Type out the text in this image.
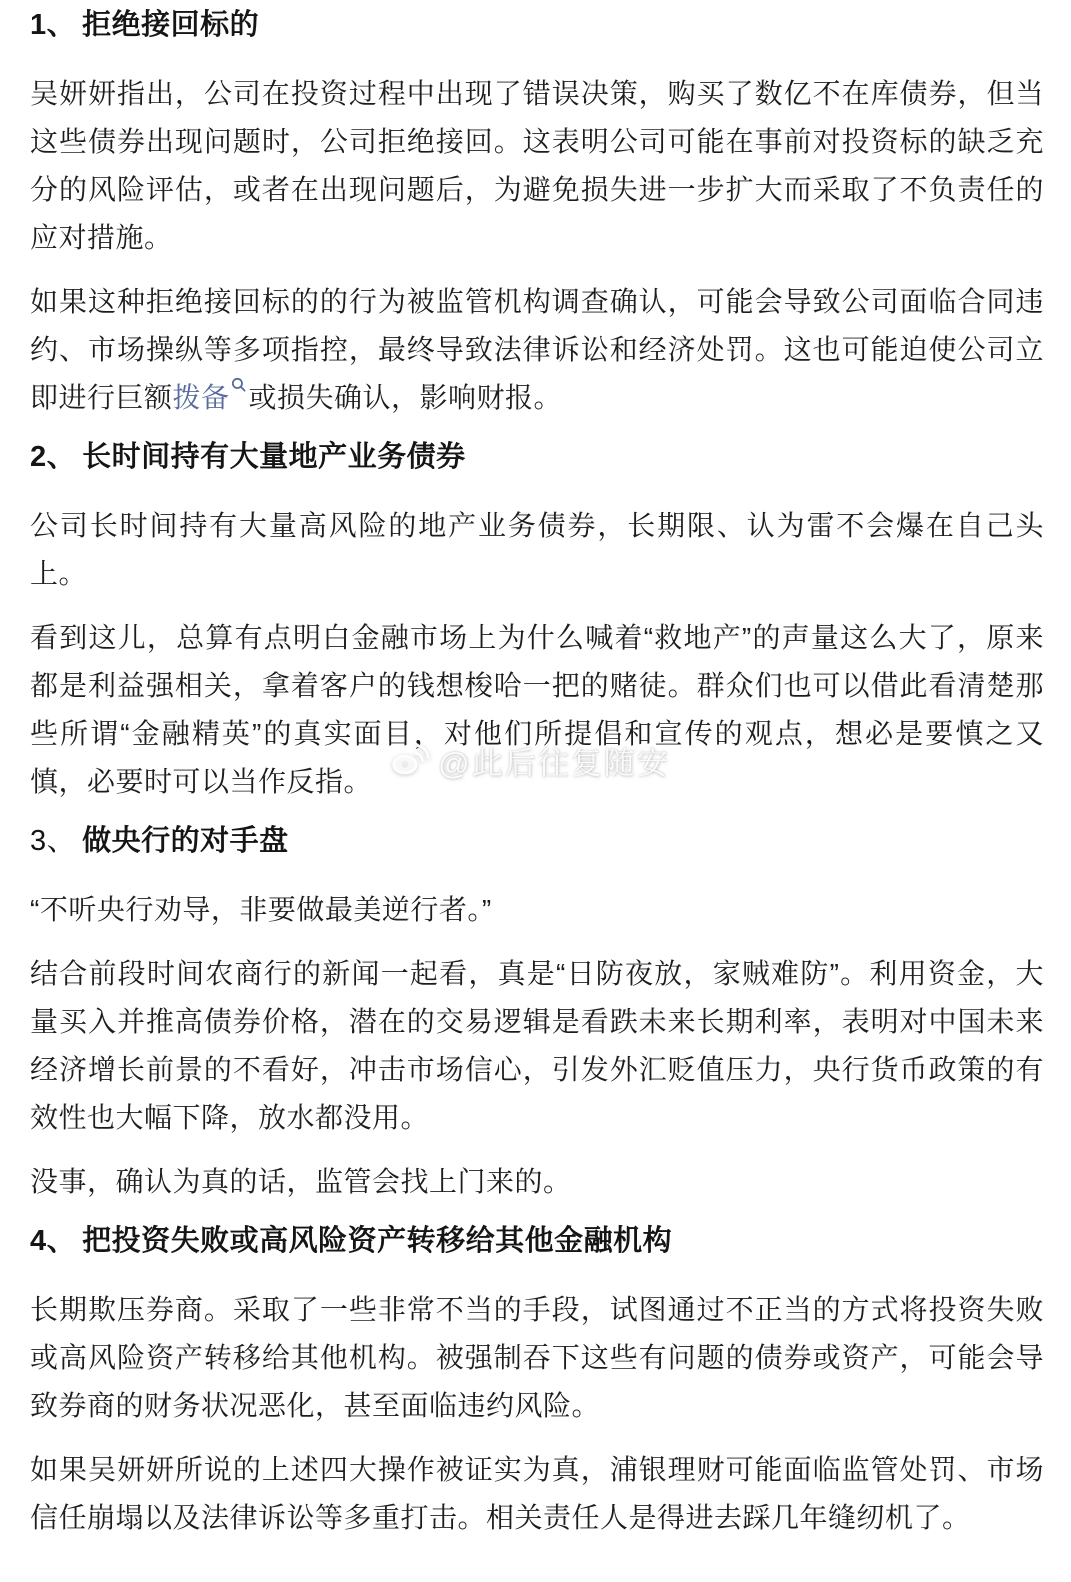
1、 拒绝接回标的

吴妍妍指出，公司在投资过程中出现了错误决策，购买了数亿不在库债券，但当这些债券出现问题时，公司拒绝接回。这表明公司可能在事前对投资标的缺乏充分的风险评估，或者在出现问题后，为避免损失进一步扩大而采取了不负责任的应对措施。

如果这种拒绝接回标的的行为被监管机构调查确认，可能会导致公司面临合同违约、市场操纵等多项指控，最终导致法律诉讼和经济处罚。这也可能迫使公司立即进行巨额拨备 或损失确认，影响财报。

2、 长时间持有大量地产业务债券

公司长时间持有大量高风险的地产业务债券，长期限、认为雷不会爆在自己头上。

看到这儿，总算有点明白金融市场上为什么喊着“救地产”的声量这么大了，原来都是利益强相关，拿着客户的钱想梭哈一把的赌徒。群众们也可以借此看清楚那些所谓“金融精英”的真实面目，对他们所提倡和宣传的观点，想必是要慎之又慎，必要时可以当作反指。

3、 做央行的对手盘

“不听央行劝导，非要做最美逆行者。”

结合前段时间农商行的新闻一起看，真是“日防夜放，家贼难防”。利用资金，大量买入并推高债券价格，潜在的交易逻辑是看跌未来长期利率，表明对中国未来经济增长前景的不看好，冲击市场信心，引发外汇贬值压力，央行货币政策的有效性也大幅下降，放水都没用。

没事，确认为真的话，监管会找上门来的。

4、 把投资失败或高风险资产转移给其他金融机构

长期欺压券商。采取了一些非常不当的手段，试图通过不正当的方式将投资失败或高风险资产转移给其他机构。被强制吞下这些有问题的债券或资产，可能会导致券商的财务状况恶化，甚至面临违约风险。

如果吴妍妍所说的上述四大操作被证实为真，浦银理财可能面临监管处罚、市场信任崩塌以及法律诉讼等多重打击。相关责任人是得进去踩几年缝纫机了。

@此后往复随安
